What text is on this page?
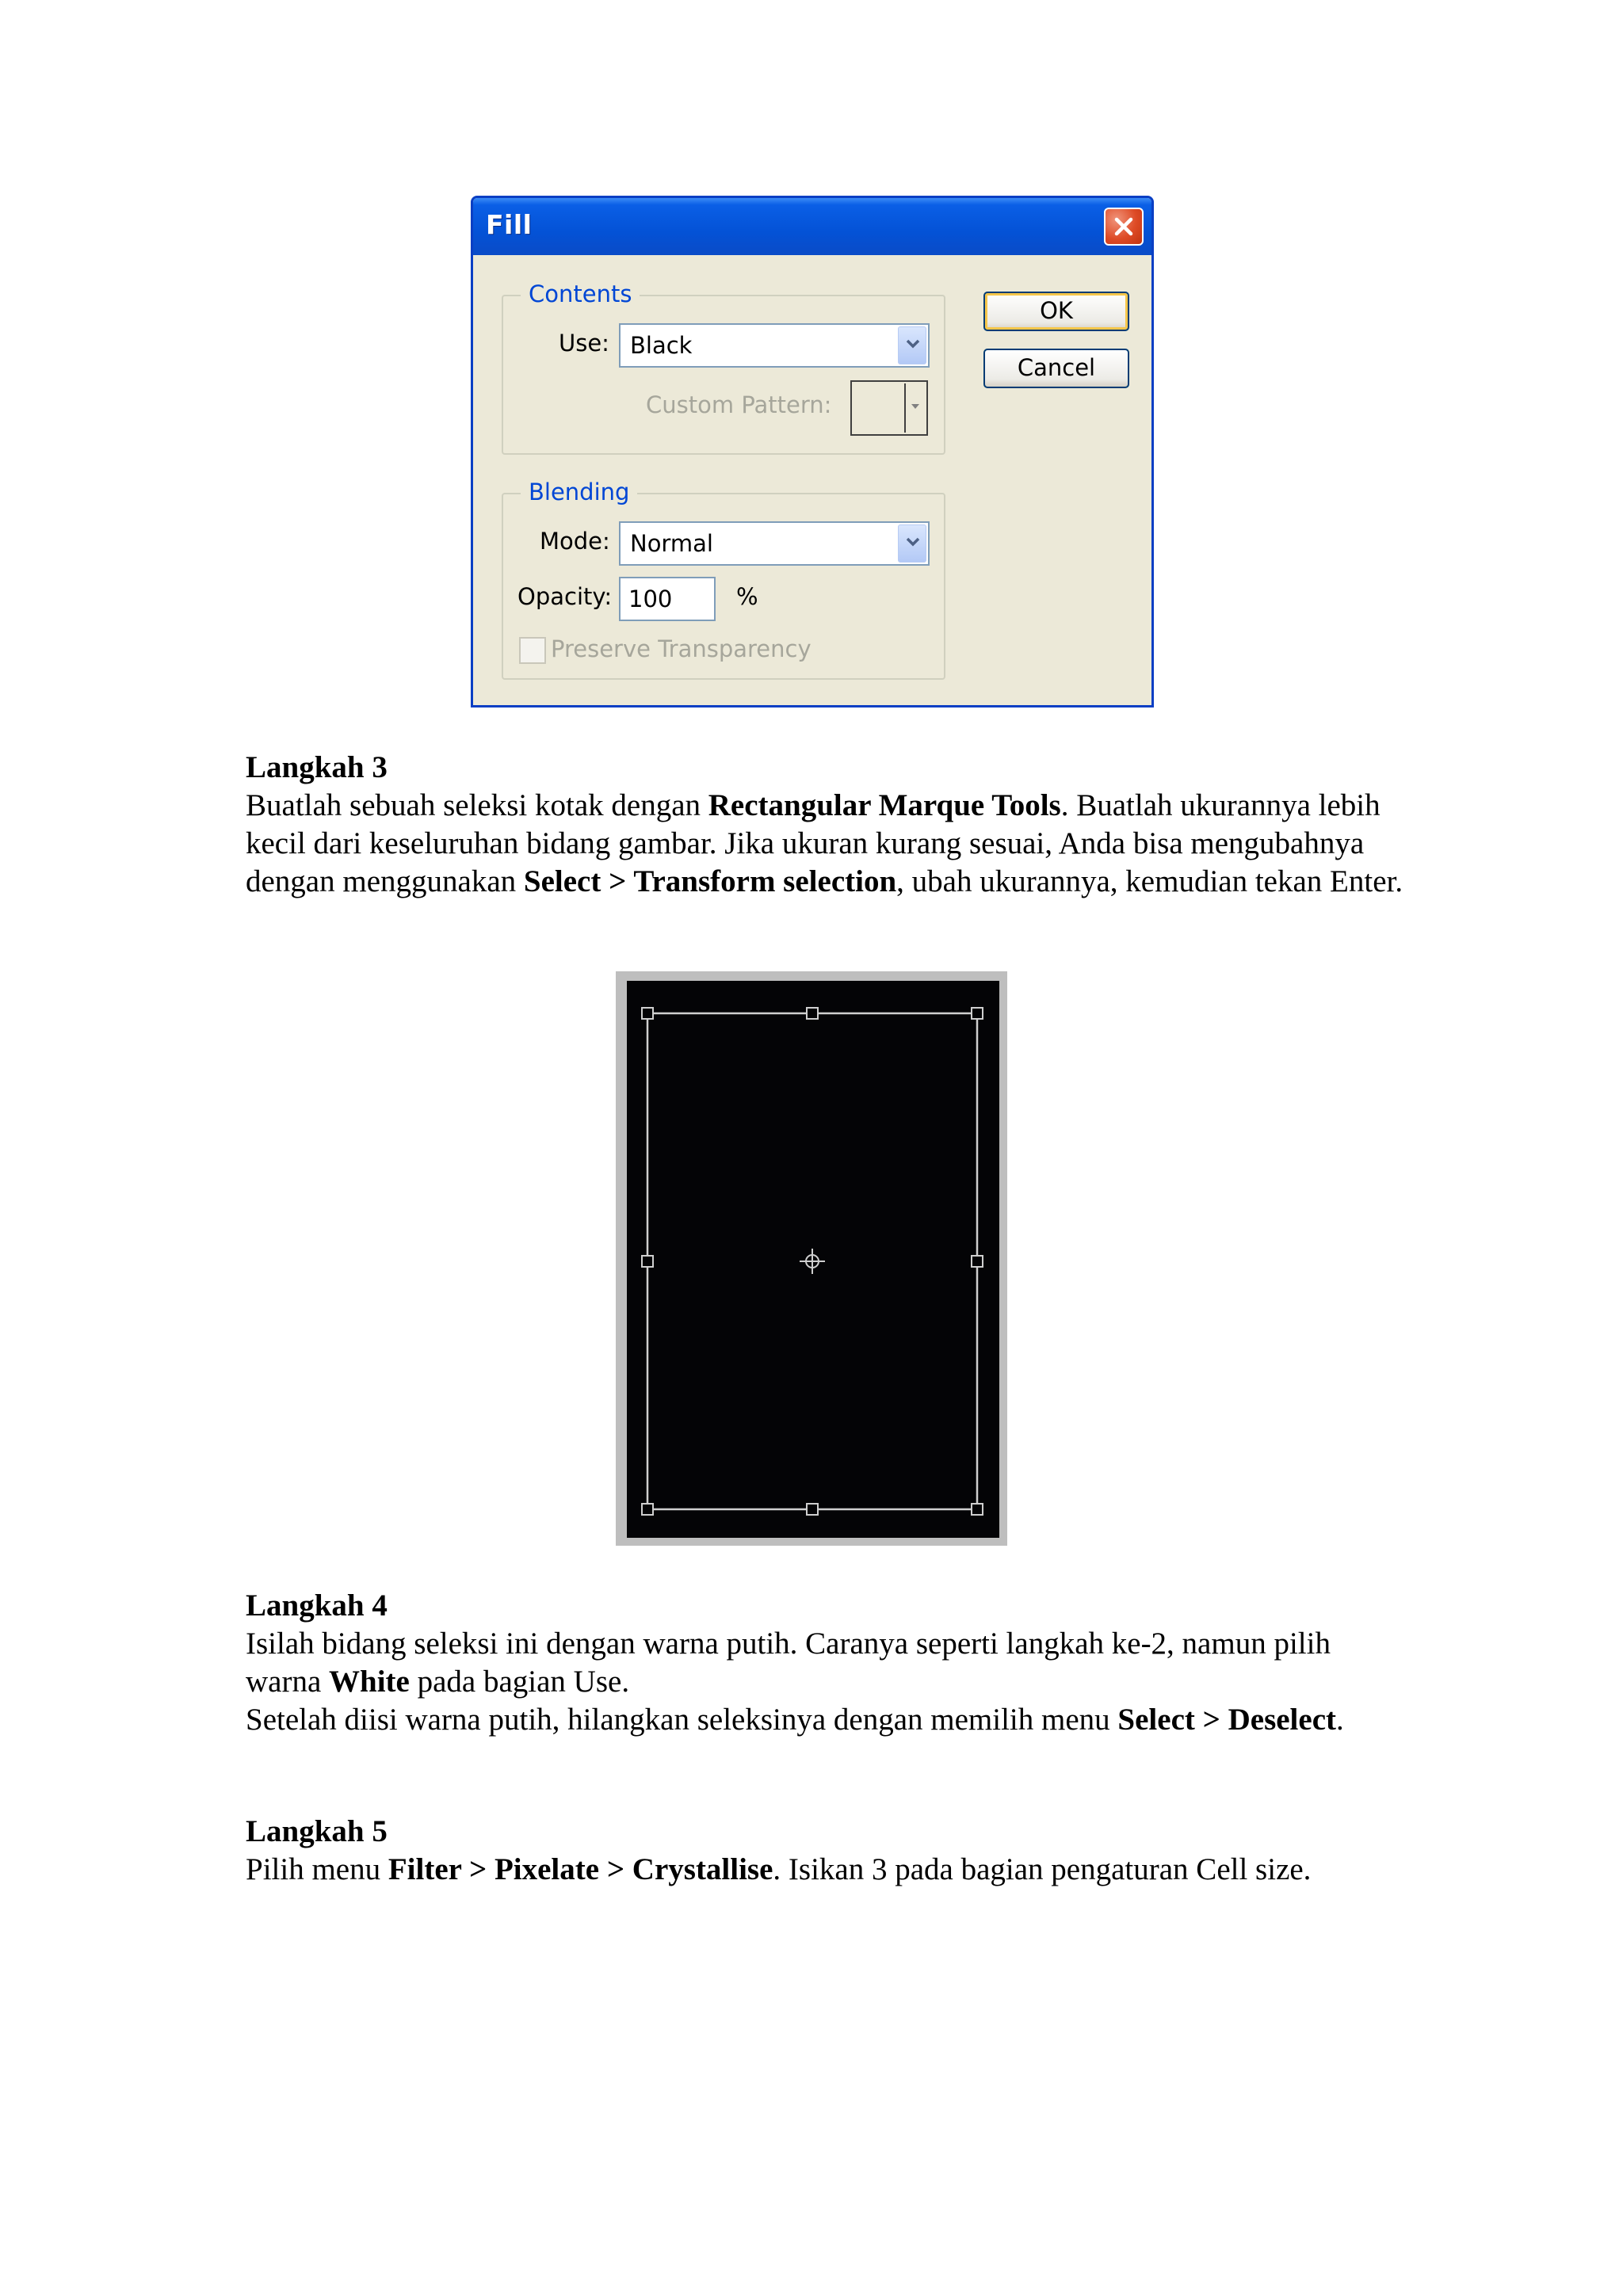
Fill
Contents
Use: Black
Custom Pattern:
Blending
Mode: Normal
Opacity: 100	%
Preserve Transparency
OK
Cancel

Langkah 3

Buatlah sebuah seleksi kotak dengan Rectangular Marque Tools. Buatlah ukurannya lebih kecil dari keseluruhan bidang gambar. Jika ukuran kurang sesuai, Anda bisa mengubahnya dengan menggunakan Select > Transform selection, ubah ukurannya, kemudian tekan Enter.

Langkah 4

Isilah bidang seleksi ini dengan warna putih. Caranya seperti langkah ke-2, namun pilih warna White pada bagian Use.

Setelah diisi warna putih, hilangkan seleksinya dengan memilih menu Select > Deselect.

Langkah 5

Pilih menu Filter > Pixelate > Crystallise. Isikan 3 pada bagian pengaturan Cell size.
